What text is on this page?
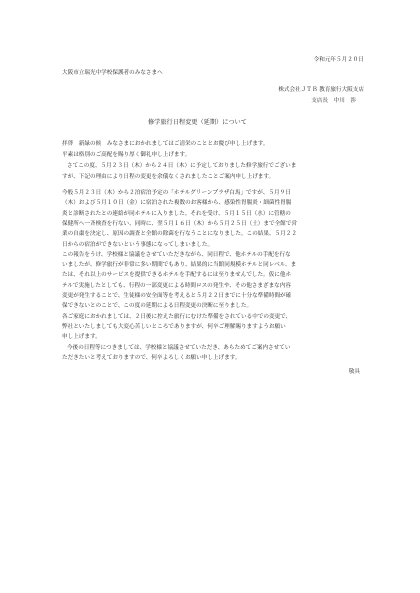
令和元年５月２０日
大阪市立瑞光中学校保護者のみなさまへ
株式会社ＪＴＢ 教育旅行大阪支店
支店長　中川　渉
修学旅行日程変更（延期）について
拝啓　新緑の候　みなさまにおかれましてはご清栄のこととお慶び申し上げます。
平素は格別のご高配を賜り厚く御礼申し上げます。
さてこの度、５月２３日（木）から２４日（木）に予定しておりました修学旅行でございま
すが、下記の理由により日程の変更を余儀なくされましたことご案内申し上げます。
今般５月２３日（木）から２泊宿泊予定の「ホテルグリーンプラザ白馬」ですが、５月９日
（木）および５月１０日（金）に宿泊された複数のお客様から、感染性胃腸炎・細菌性胃腸
炎と診断されたとの連絡が同ホテルに入りました。それを受け、５月１５日（水）に管轄の
保健所へ一斉検査を行ない、同時に、翌５月１６日（木）から５月２５日（土）まで全館で営
業の自粛を決定し、原因の調査と全館の除菌を行なうことになりました。この結果、５月２２
日からの宿泊ができないという事態になってしまいました。
この報告をうけ、学校様と協議をさせていただきながら、同日程で、他ホテルの手配を行な
いましたが、修学旅行が非常に多い期間でもあり、結果的に当館同規模ホテルと同レベル、ま
たは、それ以上のサービスを提供できるホテルを手配するには至りませんでした。仮に他ホ
テルで実施したとしても、行程の一部変更による時間ロスの発生や、その他さまざまな内容
変更が発生することで、生徒様の安全面等を考えると５月２２日までに十分な準備時間が確
保できないとのことで、この度の延期による日程変更の決断に至りました。
各ご家庭におかれましては、２日後に控えた旅行にむけた準備をされている中での変更で、
弊社といたしましても大変心苦しいところでありますが、何卒ご理解賜りますようお願い
申し上げます。
今後の日程等につきましては、学校様と協議させていただき、あらためてご案内させてい
ただきたいと考えておりますので、何卒よろしくお願い申し上げます。
敬具
